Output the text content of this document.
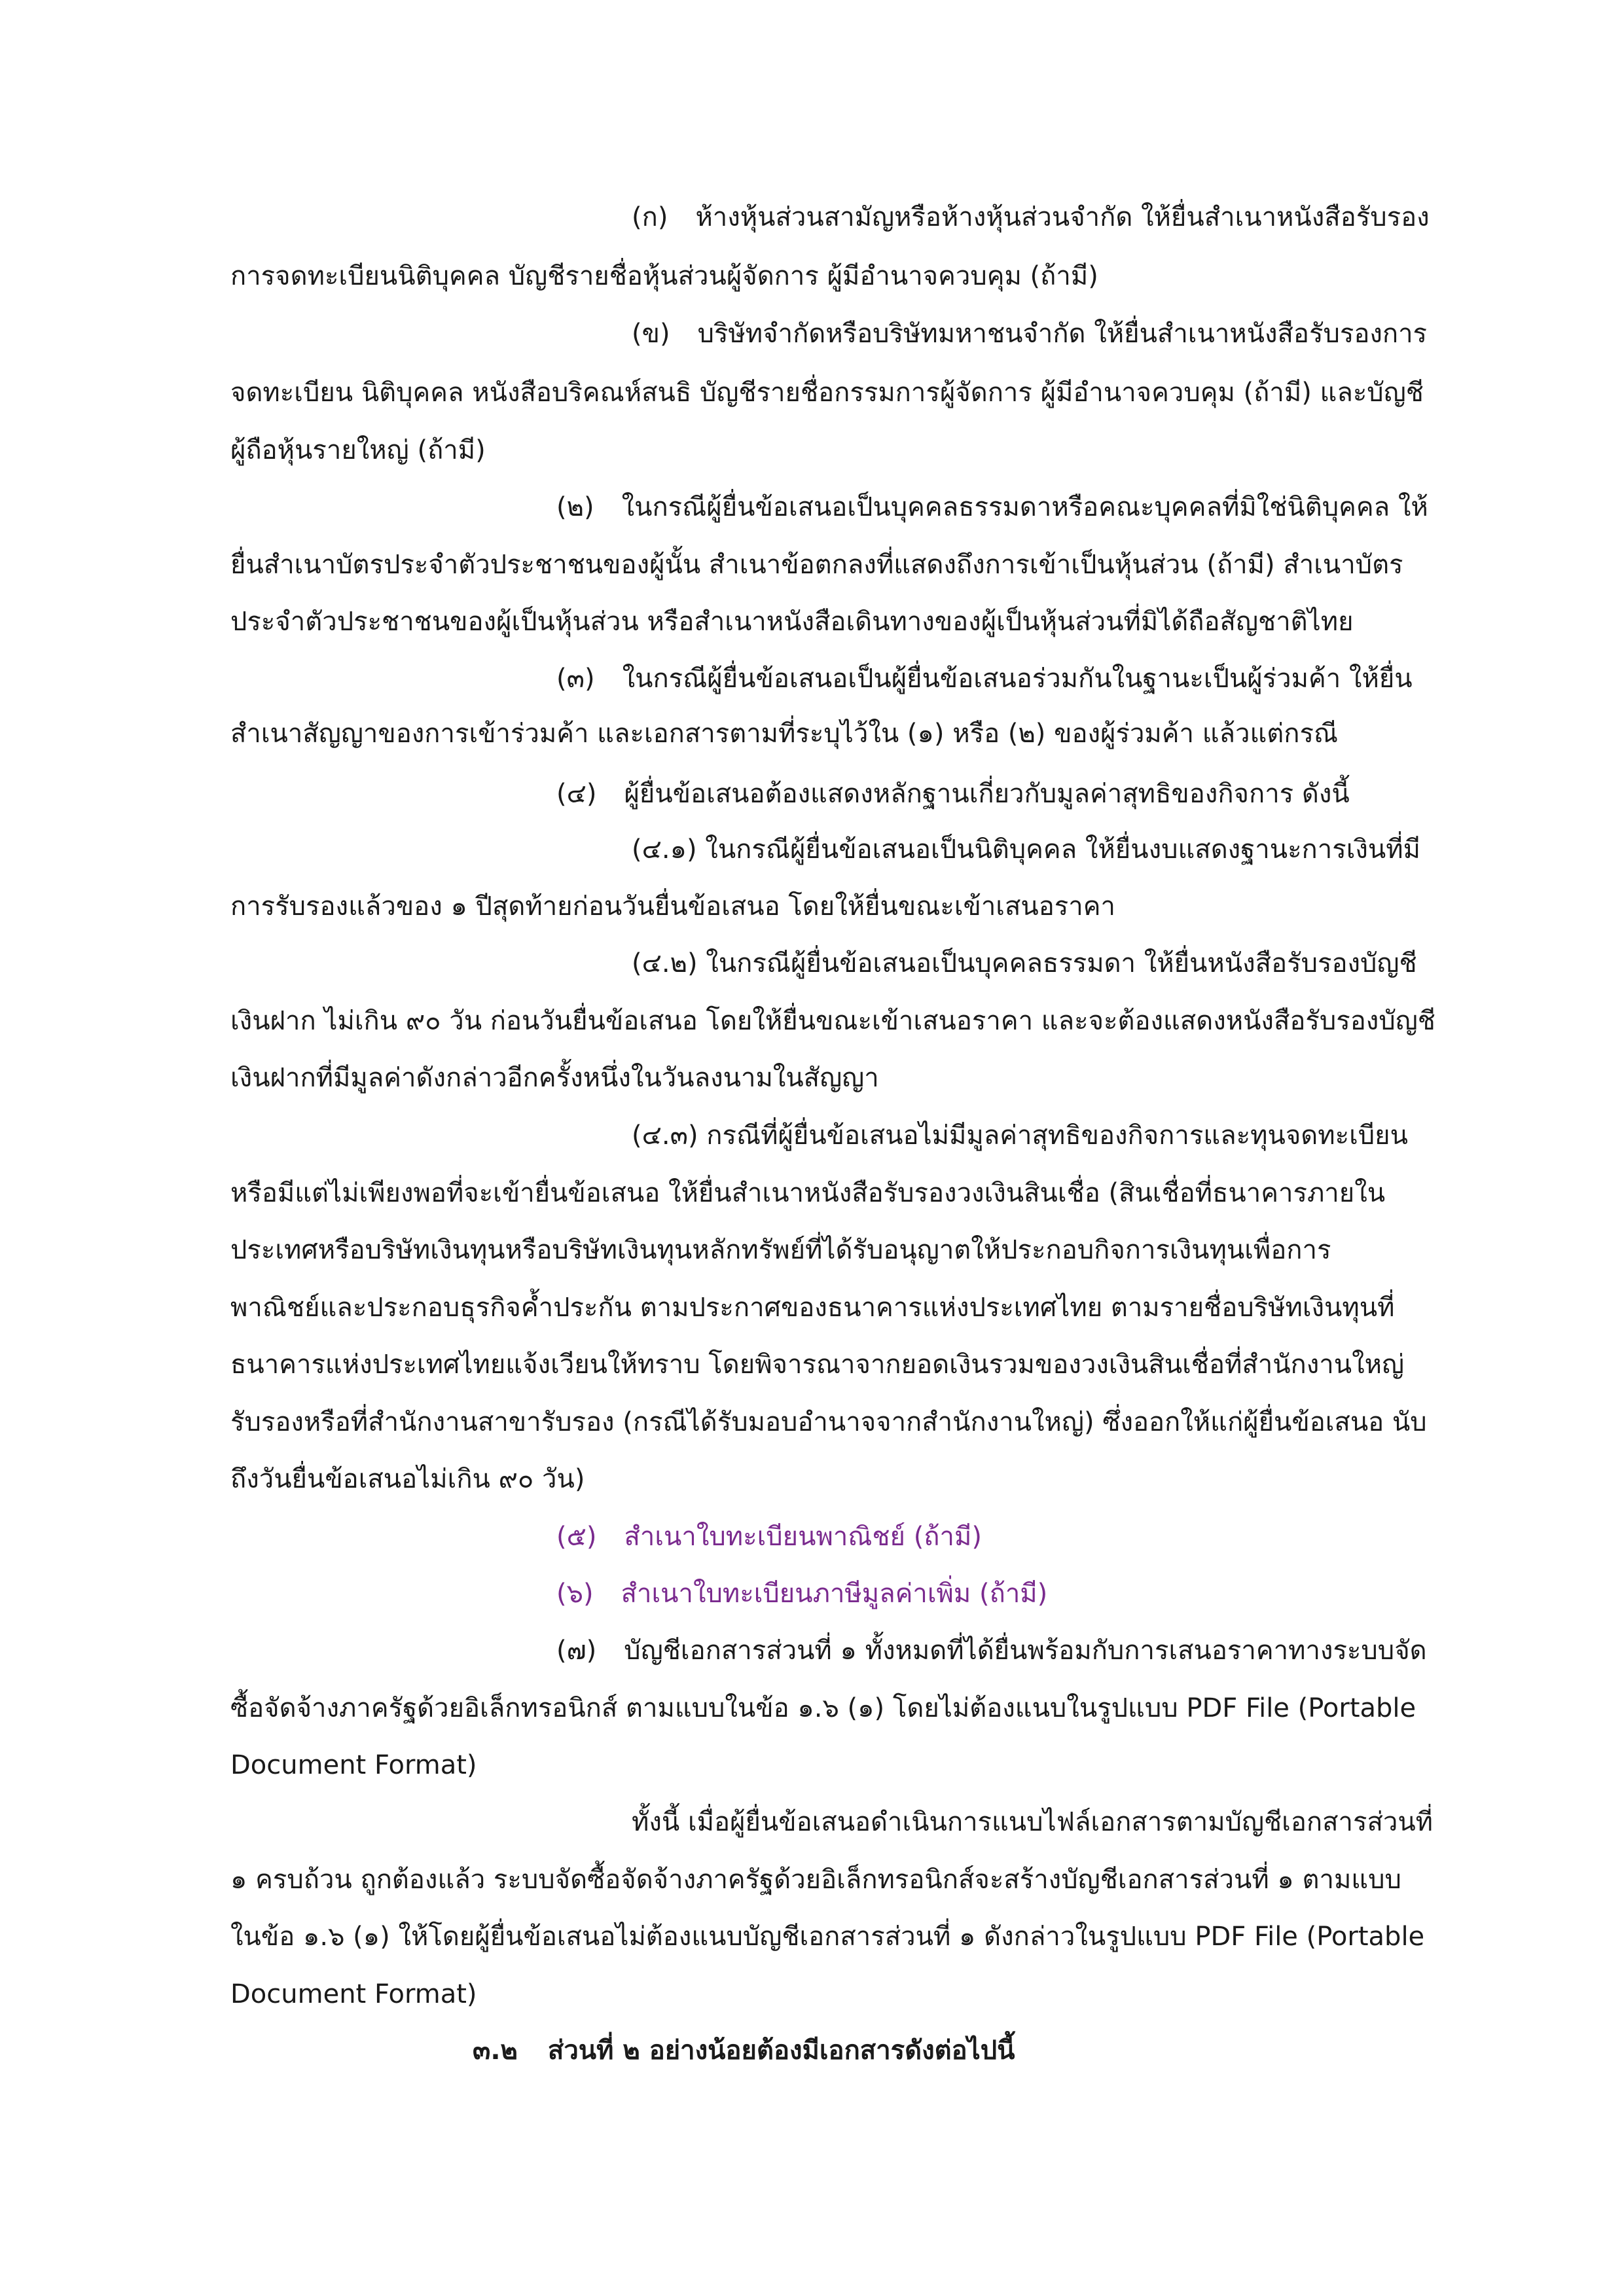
(ก) ห้างหุ้นส่วนสามัญหรือห้างหุ้นส่วนจำกัด ให้ยื่นสำเนาหนังสือรับรอง
การจดทะเบียนนิติบุคคล บัญชีรายชื่อหุ้นส่วนผู้จัดการ ผู้มีอำนาจควบคุม (ถ้ามี)
(ข) บริษัทจำกัดหรือบริษัทมหาชนจำกัด ให้ยื่นสำเนาหนังสือรับรองการ
จดทะเบียน นิติบุคคล หนังสือบริคณห์สนธิ บัญชีรายชื่อกรรมการผู้จัดการ ผู้มีอำนาจควบคุม (ถ้ามี) และบัญชี
ผู้ถือหุ้นรายใหญ่ (ถ้ามี)
(๒) ในกรณีผู้ยื่นข้อเสนอเป็นบุคคลธรรมดาหรือคณะบุคคลที่มิใช่นิติบุคคล ให้
ยื่นสำเนาบัตรประจำตัวประชาชนของผู้นั้น สำเนาข้อตกลงที่แสดงถึงการเข้าเป็นหุ้นส่วน (ถ้ามี) สำเนาบัตร
ประจำตัวประชาชนของผู้เป็นหุ้นส่วน หรือสำเนาหนังสือเดินทางของผู้เป็นหุ้นส่วนที่มิได้ถือสัญชาติไทย
(๓) ในกรณีผู้ยื่นข้อเสนอเป็นผู้ยื่นข้อเสนอร่วมกันในฐานะเป็นผู้ร่วมค้า ให้ยื่น
สำเนาสัญญาของการเข้าร่วมค้า และเอกสารตามที่ระบุไว้ใน (๑) หรือ (๒) ของผู้ร่วมค้า แล้วแต่กรณี
(๔) ผู้ยื่นข้อเสนอต้องแสดงหลักฐานเกี่ยวกับมูลค่าสุทธิของกิจการ ดังนี้
(๔.๑) ในกรณีผู้ยื่นข้อเสนอเป็นนิติบุคคล ให้ยื่นงบแสดงฐานะการเงินที่มี
การรับรองแล้วของ ๑ ปีสุดท้ายก่อนวันยื่นข้อเสนอ โดยให้ยื่นขณะเข้าเสนอราคา
(๔.๒) ในกรณีผู้ยื่นข้อเสนอเป็นบุคคลธรรมดา ให้ยื่นหนังสือรับรองบัญชี
เงินฝาก ไม่เกิน ๙๐ วัน ก่อนวันยื่นข้อเสนอ โดยให้ยื่นขณะเข้าเสนอราคา และจะต้องแสดงหนังสือรับรองบัญชี
เงินฝากที่มีมูลค่าดังกล่าวอีกครั้งหนึ่งในวันลงนามในสัญญา
(๔.๓) กรณีที่ผู้ยื่นข้อเสนอไม่มีมูลค่าสุทธิของกิจการและทุนจดทะเบียน
หรือมีแต่ไม่เพียงพอที่จะเข้ายื่นข้อเสนอ ให้ยื่นสำเนาหนังสือรับรองวงเงินสินเชื่อ (สินเชื่อที่ธนาคารภายใน
ประเทศหรือบริษัทเงินทุนหรือบริษัทเงินทุนหลักทรัพย์ที่ได้รับอนุญาตให้ประกอบกิจการเงินทุนเพื่อการ
พาณิชย์และประกอบธุรกิจค้ำประกัน ตามประกาศของธนาคารแห่งประเทศไทย ตามรายชื่อบริษัทเงินทุนที่
ธนาคารแห่งประเทศไทยแจ้งเวียนให้ทราบ โดยพิจารณาจากยอดเงินรวมของวงเงินสินเชื่อที่สำนักงานใหญ่
รับรองหรือที่สำนักงานสาขารับรอง (กรณีได้รับมอบอำนาจจากสำนักงานใหญ่) ซึ่งออกให้แก่ผู้ยื่นข้อเสนอ นับ
ถึงวันยื่นข้อเสนอไม่เกิน ๙๐ วัน)
(๕) สำเนาใบทะเบียนพาณิชย์ (ถ้ามี)
(๖) สำเนาใบทะเบียนภาษีมูลค่าเพิ่ม (ถ้ามี)
(๗) บัญชีเอกสารส่วนที่ ๑ ทั้งหมดที่ได้ยื่นพร้อมกับการเสนอราคาทางระบบจัด
ซื้อจัดจ้างภาครัฐด้วยอิเล็กทรอนิกส์ ตามแบบในข้อ ๑.๖ (๑) โดยไม่ต้องแนบในรูปแบบ PDF File (Portable
Document Format)
ทั้งนี้ เมื่อผู้ยื่นข้อเสนอดำเนินการแนบไฟล์เอกสารตามบัญชีเอกสารส่วนที่
๑ ครบถ้วน ถูกต้องแล้ว ระบบจัดซื้อจัดจ้างภาครัฐด้วยอิเล็กทรอนิกส์จะสร้างบัญชีเอกสารส่วนที่ ๑ ตามแบบ
ในข้อ ๑.๖ (๑) ให้โดยผู้ยื่นข้อเสนอไม่ต้องแนบบัญชีเอกสารส่วนที่ ๑ ดังกล่าวในรูปแบบ PDF File (Portable
Document Format)
๓.๒ ส่วนที่ ๒ อย่างน้อยต้องมีเอกสารดังต่อไปนี้
